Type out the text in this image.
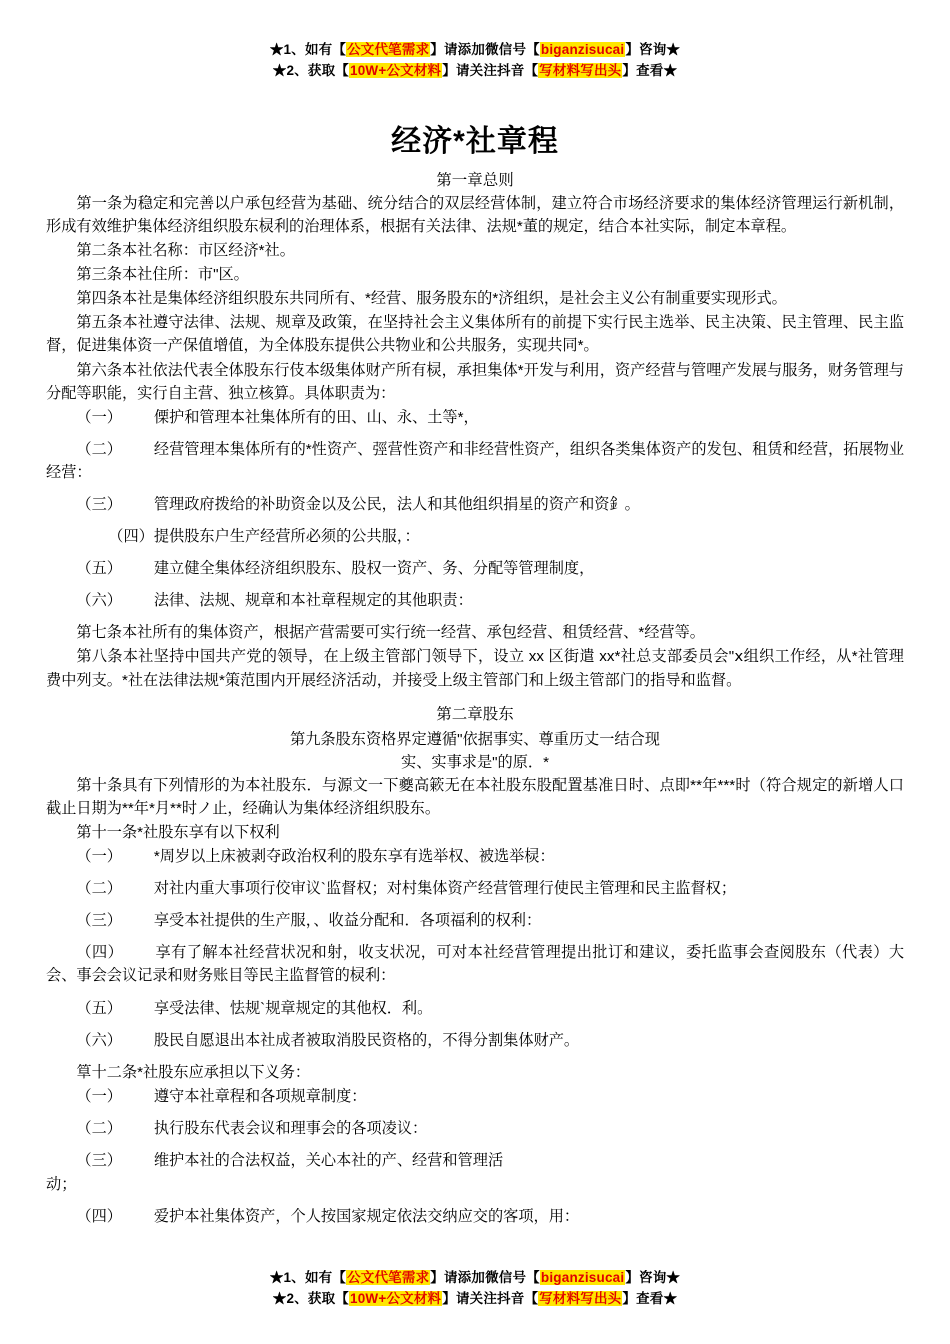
★1、如有【公文代笔需求】请添加微信号【biganzisucai】咨询★
★2、获取【10W+公文材料】请关注抖音【写材料写出头】查看★
经济*社章程
第一章总则

第一条为稳定和完善以户承包经营为基础、统分结合的双层经营体制，建立符合市场经济要求的集体经济管理运行新机制，形成有效维护集体经济组织股东棂利的治理体系，根据有关法律、法规*董的规定，结合本社实际，制定本章程。

第二条本社名称：市区经济*社。

第三条本社住所：市"区。

第四条本社是集体经济组织股东共同所有、*经营、服务股东的*济组织，是社会主义公有制重要实现形式。

第五条本社遵守法律、法规、规章及政策，在坚持社会主义集体所有的前提下实行民主选举、民主决策、民主管理、民主监督，促进集体资一产保值增值，为全体股东提供公共物业和公共服务，实现共同*。

第六条本社依法代表全体股东行伎本级集体财产所有棂，承担集体*开发与利用，资产经营与管哩产发展与服务，财务管理与分配等职能，实行自主营、独立核算。具体职责为：

（一） 傈护和管理本社集体所有的田、山、永、土等*，

（二） 经营管理本集体所有的*性资产、弳营性资产和非经营性资产，组织各类集体资产的发包、租赁和经营，拓展物业经营：

（三） 管理政府拨给的补助资金以及公民，法人和其他组织捐星的资产和资釒。

（四）提供股东户生产经营所必须的公共服，：

（五） 建立健全集体经济组织股东、股权一资产、务、分配等管理制度，

（六） 法律、法规、规章和本社章程规定的其他职责：

第七条本社所有的集体资产，根据产营需要可实行统一经营、承包经营、租赁经营、*经营等。

第八条本社坚持中国共产党的领导，在上级主管部门领导下，设立 xx 区街遣 xx*社总支部委员会"ⅹ组织工作经，从*社管理费中列支。*社在法律法规*策范围内开展经济活动，并接受上级主管部门和上级主管部门的指导和监督。

第二章股东

第九条股东资格界定遵循"依据事实、尊重历丈一结合现

实、实事求是"的原．*

第十条具有下列情形的为本社股东．与源文一下夔高簌无在本社股东股配置基准日时、点即**年***时（符合规定的新增人口截止日期为**年*月**时ノ止，经确认为集体经济组织股东。

第十一条*社股东享有以下权利

（一） *周岁以上床被剥夺政治权利的股东享有选举权、被选举棂：

（二） 对社内重大事项行佼审议`监督权；对村集体资产经营管理行使民主管理和民主监督权；

（三） 享受本社提供的生产服，、收益分配和．各项福利的权利：

（四） 享有了解本社经营状况和射，收支状况，可对本社经营管理提出批订和建议，委托监事会查阅股东（代表）大会、事会会议记录和财务账目等民主监督管的棂利：

（五） 享受法律、怯规`规章规定的其他权．利。

（六） 股民自愿退出本社成者被取消股民资格的，不得分割集体财产。

筸十二条*社股东应承担以下义务：

（一） 遵守本社章程和各项规章制度：

（二） 执行股东代表会议和理事会的各项凌议：

（三） 维护本社的合法权益，关心本社的产、经营和管理活

动；

（四） 爱护本社集体资产，个人按国家规定依法交纳应交的客项，用：

★1、如有【公文代笔需求】请添加微信号【biganzisucai】咨询★
★2、获取【10W+公文材料】请关注抖音【写材料写出头】查看★
